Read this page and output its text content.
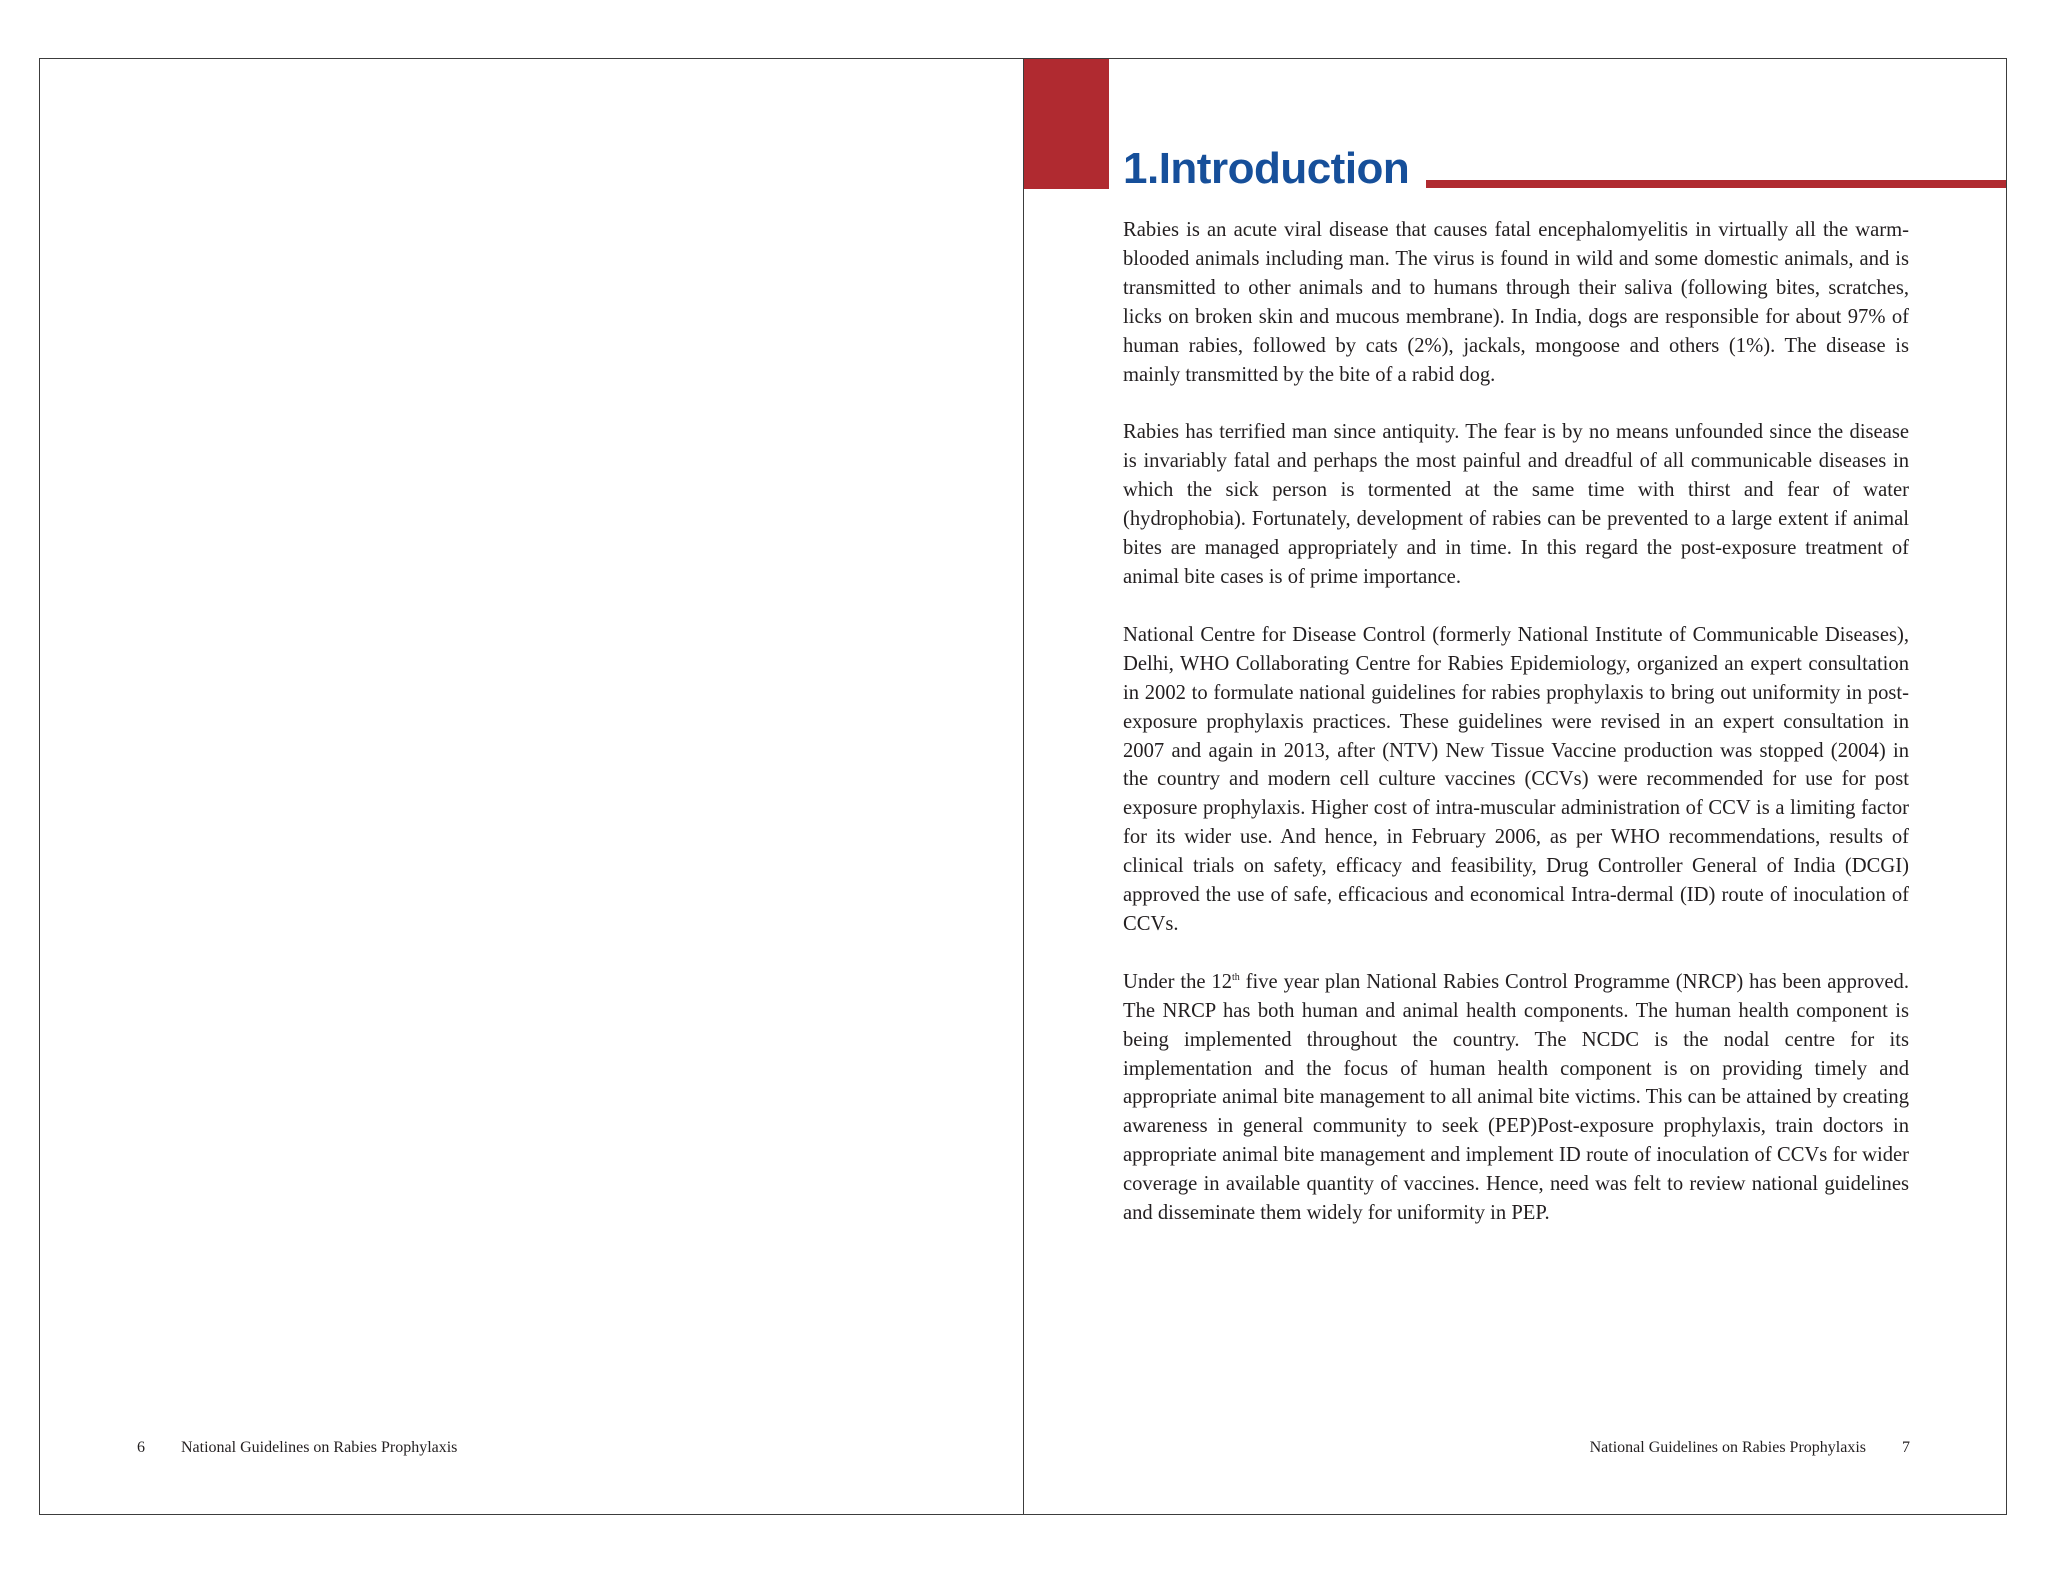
6 National Guidelines on Rabies Prophylaxis
1.Introduction

Rabies is an acute viral disease that causes fatal encephalomyelitis in virtually all the warm-blooded animals including man. The virus is found in wild and some domestic animals, and is transmitted to other animals and to humans through their saliva (following bites, scratches, licks on broken skin and mucous membrane). In India, dogs are responsible for about 97% of human rabies, followed by cats (2%), jackals, mongoose and others (1%). The disease is mainly transmitted by the bite of a rabid dog.

Rabies has terrified man since antiquity. The fear is by no means unfounded since the disease is invariably fatal and perhaps the most painful and dreadful of all communicable diseases in which the sick person is tormented at the same time with thirst and fear of water (hydrophobia). Fortunately, development of rabies can be prevented to a large extent if animal bites are managed appropriately and in time. In this regard the post-exposure treatment of animal bite cases is of prime importance.

National Centre for Disease Control (formerly National Institute of Communicable Diseases), Delhi, WHO Collaborating Centre for Rabies Epidemiology, organized an expert consultation in 2002 to formulate national guidelines for rabies prophylaxis to bring out uniformity in post-exposure prophylaxis practices. These guidelines were revised in an expert consultation in 2007 and again in 2013, after (NTV) New Tissue Vaccine production was stopped (2004) in the country and modern cell culture vaccines (CCVs) were recommended for use for post exposure prophylaxis. Higher cost of intra-muscular administration of CCV is a limiting factor for its wider use. And hence, in February 2006, as per WHO recommendations, results of clinical trials on safety, efficacy and feasibility, Drug Controller General of India (DCGI) approved the use of safe, efficacious and economical Intra-dermal (ID) route of inoculation of CCVs.

Under the 12th five year plan National Rabies Control Programme (NRCP) has been approved. The NRCP has both human and animal health components. The human health component is being implemented throughout the country. The NCDC is the nodal centre for its implementation and the focus of human health component is on providing timely and appropriate animal bite management to all animal bite victims. This can be attained by creating awareness in general community to seek (PEP)Post-exposure prophylaxis, train doctors in appropriate animal bite management and implement ID route of inoculation of CCVs for wider coverage in available quantity of vaccines. Hence, need was felt to review national guidelines and disseminate them widely for uniformity in PEP.

National Guidelines on Rabies Prophylaxis 7
